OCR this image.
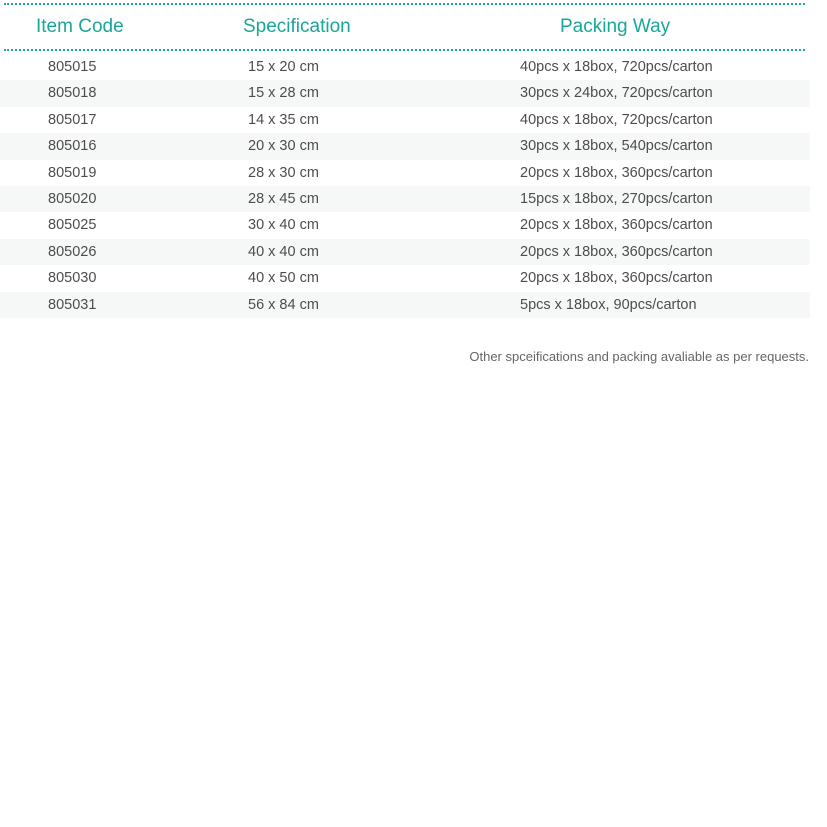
Item Code	Specification	Packing Way
805015	15 x 20 cm	40pcs x 18box, 720pcs/carton
805018	15 x 28 cm	30pcs x 24box, 720pcs/carton
805017	14 x 35 cm	40pcs x 18box, 720pcs/carton
805016	20 x 30 cm	30pcs x 18box, 540pcs/carton
805019	28 x 30 cm	20pcs x 18box, 360pcs/carton
805020	28 x 45 cm	15pcs x 18box, 270pcs/carton
805025	30 x 40 cm	20pcs x 18box, 360pcs/carton
805026	40 x 40 cm	20pcs x 18box, 360pcs/carton
805030	40 x 50 cm	20pcs x 18box, 360pcs/carton
805031	56 x 84 cm	5pcs x 18box, 90pcs/carton
Other spceifications and packing avaliable as per requests.
